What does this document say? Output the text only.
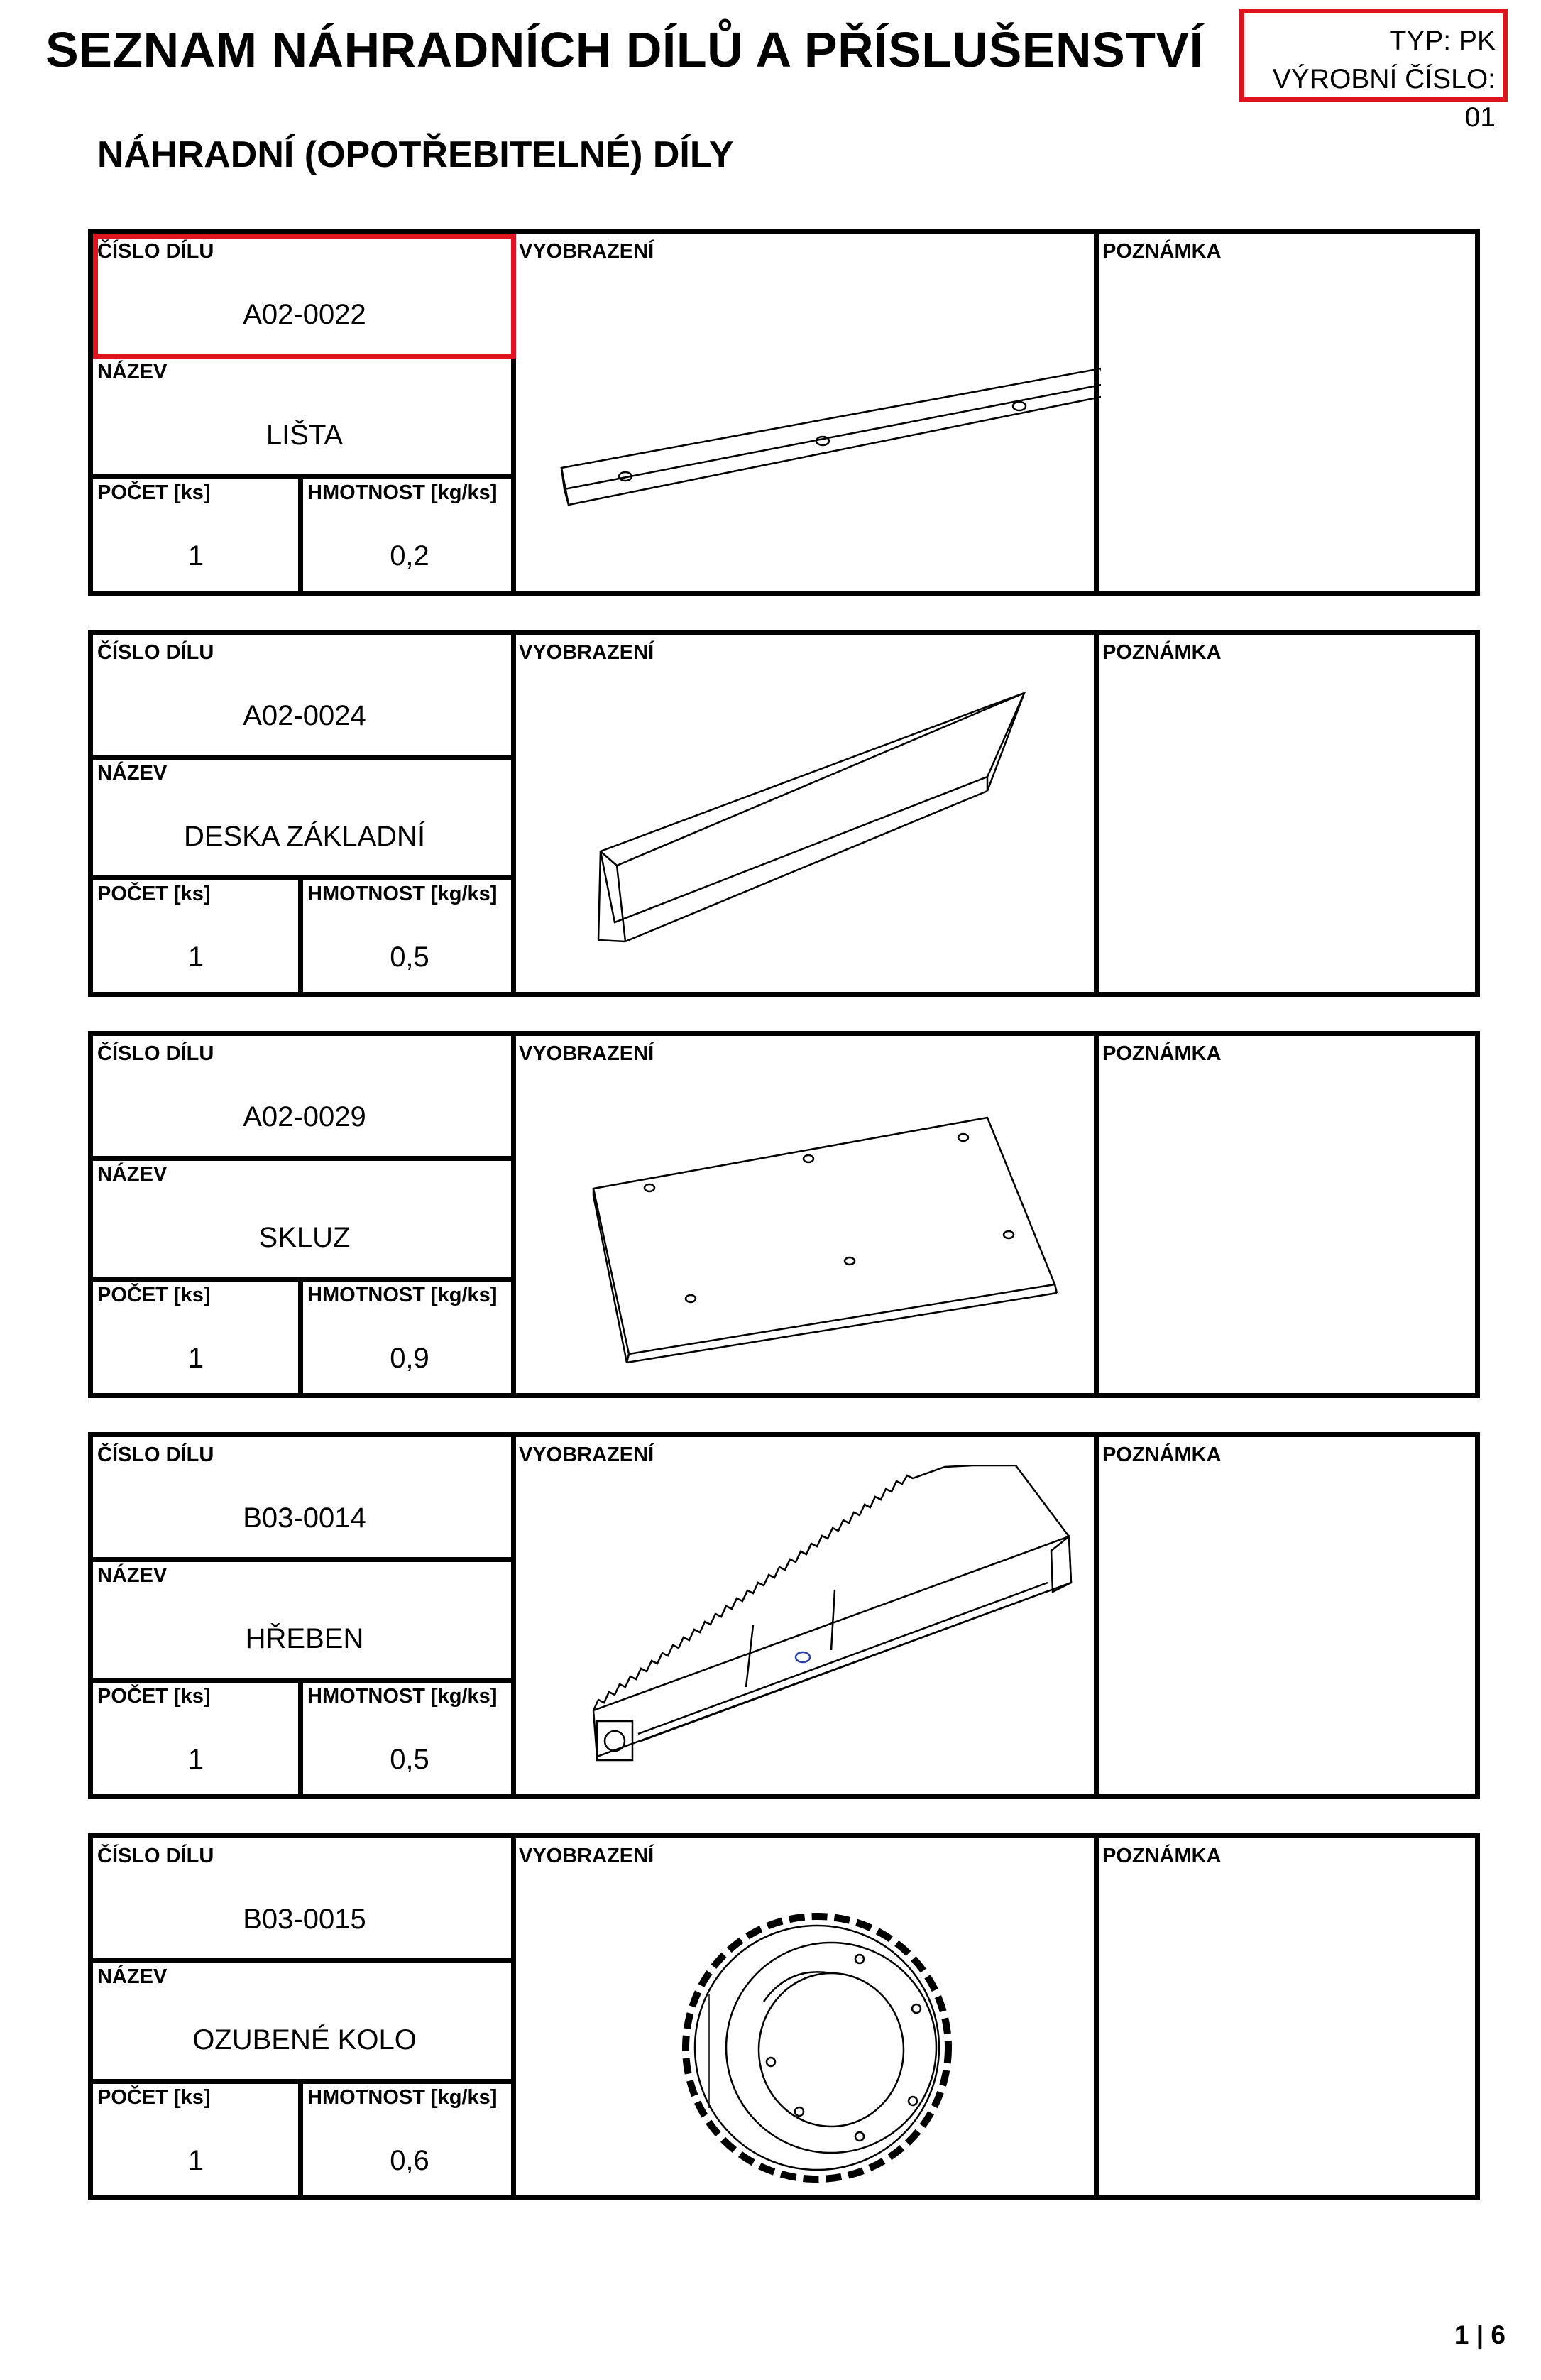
SEZNAM NÁHRADNÍCH DÍLŮ A PŘÍSLUŠENSTVÍ	TYP: PK
VÝROBNÍ ČÍSLO: 01
NÁHRADNÍ (OPOTŘEBITELNÉ) DÍLY
ČÍSLO DÍLU
A02-0022
NÁZEV
LIŠTA
POČET [ks]	HMOTNOST [kg/ks]
1	0,2
VYOBRAZENÍ	POZNÁMKA
ČÍSLO DÍLU
A02-0024
NÁZEV
DESKA ZÁKLADNÍ
POČET [ks]	HMOTNOST [kg/ks]
1	0,5
VYOBRAZENÍ	POZNÁMKA
ČÍSLO DÍLU
A02-0029
NÁZEV
SKLUZ
POČET [ks]	HMOTNOST [kg/ks]
1	0,9
VYOBRAZENÍ	POZNÁMKA
ČÍSLO DÍLU
B03-0014
NÁZEV
HŘEBEN
POČET [ks]	HMOTNOST [kg/ks]
1	0,5
VYOBRAZENÍ	POZNÁMKA
ČÍSLO DÍLU
B03-0015
NÁZEV
OZUBENÉ KOLO
POČET [ks]	HMOTNOST [kg/ks]
1	0,6
VYOBRAZENÍ	POZNÁMKA
1 | 6
